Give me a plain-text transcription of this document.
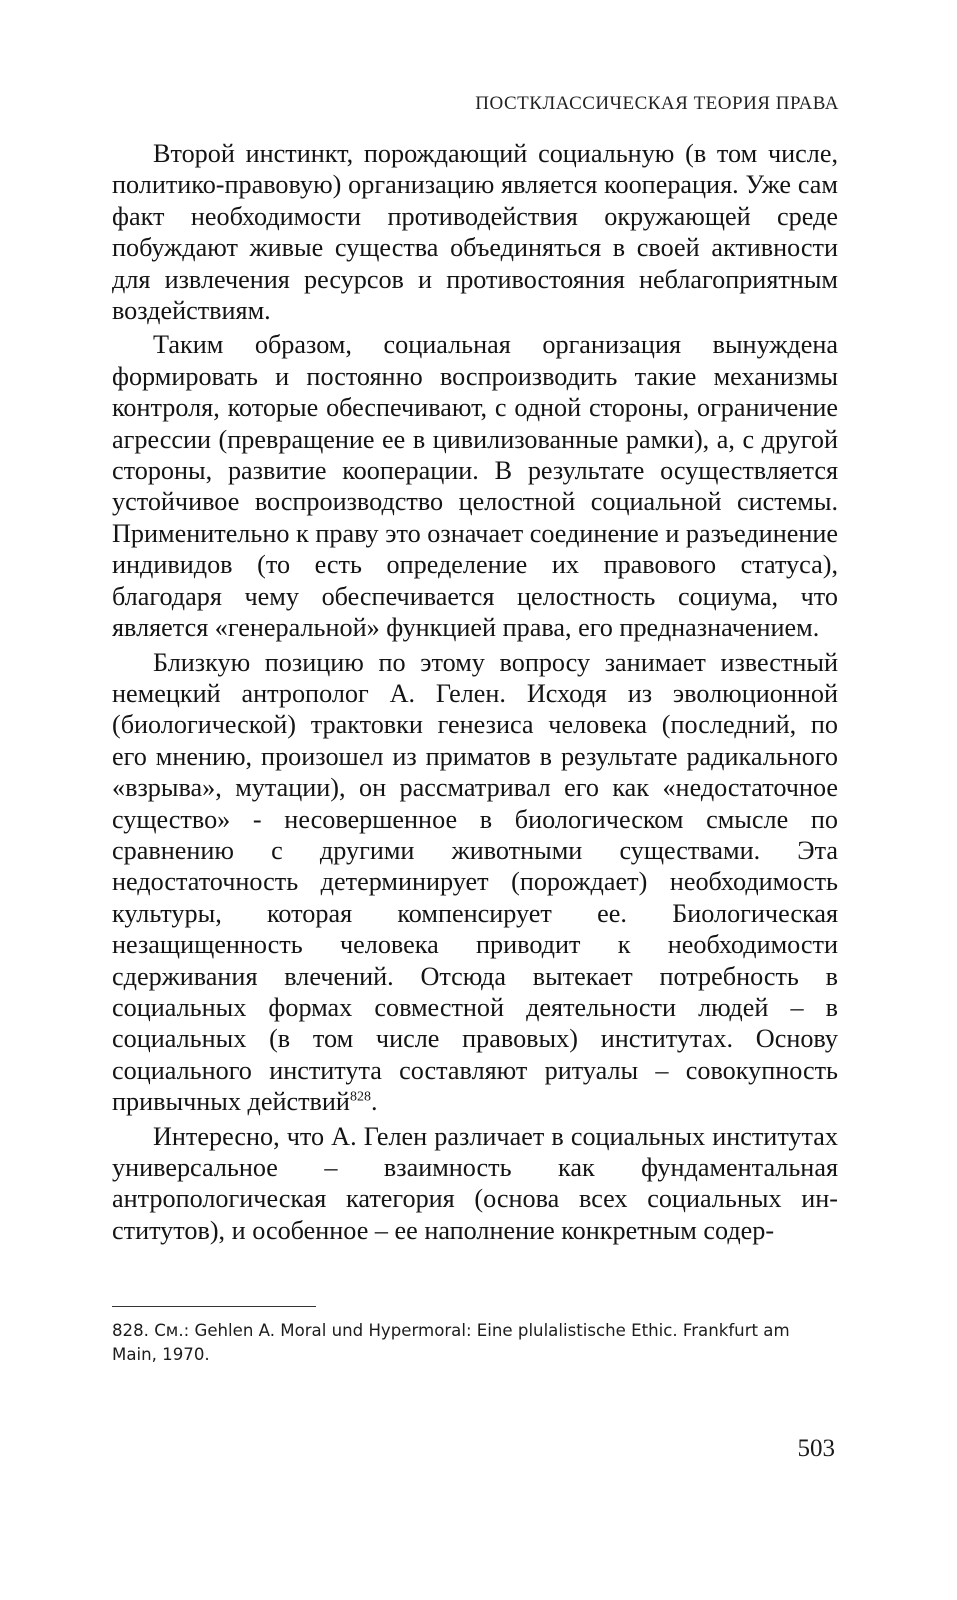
ПОСТКЛАССИЧЕСКАЯ ТЕОРИЯ ПРАВА

Второй инстинкт, порождающий социальную (в том числе, политико-правовую) организацию является кооперация. Уже сам факт необходимости противодействия окружающей среде побуждают живые существа объединяться в своей активности для извлечения ресурсов и противостояния неблагоприятным воздействиям.

Таким образом, социальная организация вынуждена формировать и постоянно воспроизводить такие механизмы контроля, которые обеспечивают, с одной стороны, ограничение агрессии (превращение ее в цивилизованные рамки), а, с другой стороны, развитие кооперации. В результате осуществляется устойчивое воспроизводство целостной социальной системы. Применительно к праву это означает соединение и разъединение индивидов (то есть определение их правового статуса), благодаря чему обеспечивается целостность социума, что является «генеральной» функцией права, его предназначением.

Близкую позицию по этому вопросу занимает известный немецкий антрополог А. Гелен. Исходя из эволюционной (биологической) трактовки генезиса человека (последний, по его мнению, произошел из приматов в результате радикального «взрыва», мутации), он рассматривал его как «недостаточное существо» - несовершенное в биологическом смысле по сравнению с другими животными существами. Эта недостаточность детерминирует (порождает) необходимость культуры, которая компенсирует ее. Биологическая незащищенность человека приводит к необходимости сдерживания влечений. Отсюда вытекает потребность в социальных формах совместной деятельности людей – в социальных (в том числе правовых) институтах. Основу социального института составляют ритуалы – совокупность привычных действий$^{828}$.

Интересно, что А. Гелен различает в социальных институтах универсальное – взаимность как фундаментальная антропологическая категория (основа всех социальных институтов), и особенное – ее наполнение конкретным содер-

828. См.: Gehlen A. Moral und Hypermoral: Eine plulalistische Ethic. Frankfurt am Main, 1970.
503
